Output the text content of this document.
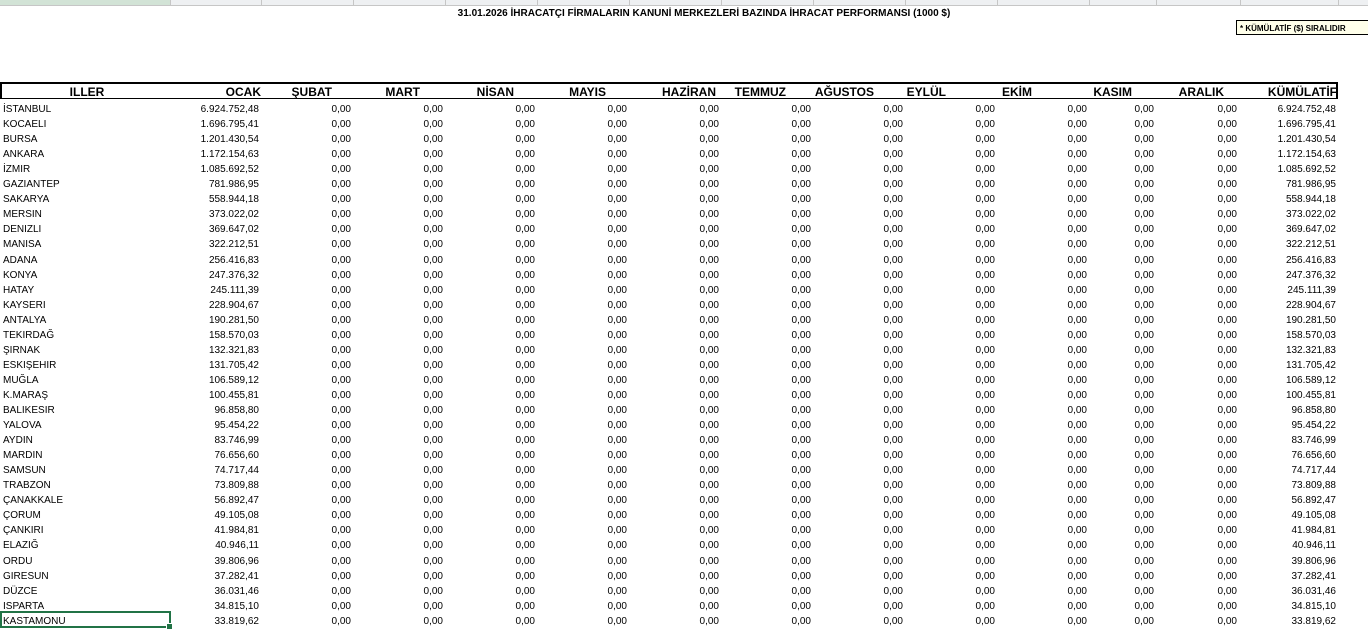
31.01.2026 İHRACATÇI FİRMALARIN KANUNİ MERKEZLERİ BAZINDA İHRACAT PERFORMANSI (1000 $)
* KÜMÜLATİF ($) SIRALIDIR
ILLER	OCAK	ŞUBAT	MART	NİSAN	MAYIS	HAZİRAN	TEMMUZ	AĞUSTOS	EYLÜL	EKİM	KASIM	ARALIK	KÜMÜLATİF
İSTANBUL	6.924.752,48	0,00	0,00	0,00	0,00	0,00	0,00	0,00	0,00	0,00	0,00	0,00	6.924.752,48
KOCAELI	1.696.795,41	0,00	0,00	0,00	0,00	0,00	0,00	0,00	0,00	0,00	0,00	0,00	1.696.795,41
BURSA	1.201.430,54	0,00	0,00	0,00	0,00	0,00	0,00	0,00	0,00	0,00	0,00	0,00	1.201.430,54
ANKARA	1.172.154,63	0,00	0,00	0,00	0,00	0,00	0,00	0,00	0,00	0,00	0,00	0,00	1.172.154,63
İZMIR	1.085.692,52	0,00	0,00	0,00	0,00	0,00	0,00	0,00	0,00	0,00	0,00	0,00	1.085.692,52
GAZIANTEP	781.986,95	0,00	0,00	0,00	0,00	0,00	0,00	0,00	0,00	0,00	0,00	0,00	781.986,95
SAKARYA	558.944,18	0,00	0,00	0,00	0,00	0,00	0,00	0,00	0,00	0,00	0,00	0,00	558.944,18
MERSIN	373.022,02	0,00	0,00	0,00	0,00	0,00	0,00	0,00	0,00	0,00	0,00	0,00	373.022,02
DENIZLI	369.647,02	0,00	0,00	0,00	0,00	0,00	0,00	0,00	0,00	0,00	0,00	0,00	369.647,02
MANISA	322.212,51	0,00	0,00	0,00	0,00	0,00	0,00	0,00	0,00	0,00	0,00	0,00	322.212,51
ADANA	256.416,83	0,00	0,00	0,00	0,00	0,00	0,00	0,00	0,00	0,00	0,00	0,00	256.416,83
KONYA	247.376,32	0,00	0,00	0,00	0,00	0,00	0,00	0,00	0,00	0,00	0,00	0,00	247.376,32
HATAY	245.111,39	0,00	0,00	0,00	0,00	0,00	0,00	0,00	0,00	0,00	0,00	0,00	245.111,39
KAYSERI	228.904,67	0,00	0,00	0,00	0,00	0,00	0,00	0,00	0,00	0,00	0,00	0,00	228.904,67
ANTALYA	190.281,50	0,00	0,00	0,00	0,00	0,00	0,00	0,00	0,00	0,00	0,00	0,00	190.281,50
TEKIRDAĞ	158.570,03	0,00	0,00	0,00	0,00	0,00	0,00	0,00	0,00	0,00	0,00	0,00	158.570,03
ŞIRNAK	132.321,83	0,00	0,00	0,00	0,00	0,00	0,00	0,00	0,00	0,00	0,00	0,00	132.321,83
ESKIŞEHIR	131.705,42	0,00	0,00	0,00	0,00	0,00	0,00	0,00	0,00	0,00	0,00	0,00	131.705,42
MUĞLA	106.589,12	0,00	0,00	0,00	0,00	0,00	0,00	0,00	0,00	0,00	0,00	0,00	106.589,12
K.MARAŞ	100.455,81	0,00	0,00	0,00	0,00	0,00	0,00	0,00	0,00	0,00	0,00	0,00	100.455,81
BALIKESIR	96.858,80	0,00	0,00	0,00	0,00	0,00	0,00	0,00	0,00	0,00	0,00	0,00	96.858,80
YALOVA	95.454,22	0,00	0,00	0,00	0,00	0,00	0,00	0,00	0,00	0,00	0,00	0,00	95.454,22
AYDIN	83.746,99	0,00	0,00	0,00	0,00	0,00	0,00	0,00	0,00	0,00	0,00	0,00	83.746,99
MARDIN	76.656,60	0,00	0,00	0,00	0,00	0,00	0,00	0,00	0,00	0,00	0,00	0,00	76.656,60
SAMSUN	74.717,44	0,00	0,00	0,00	0,00	0,00	0,00	0,00	0,00	0,00	0,00	0,00	74.717,44
TRABZON	73.809,88	0,00	0,00	0,00	0,00	0,00	0,00	0,00	0,00	0,00	0,00	0,00	73.809,88
ÇANAKKALE	56.892,47	0,00	0,00	0,00	0,00	0,00	0,00	0,00	0,00	0,00	0,00	0,00	56.892,47
ÇORUM	49.105,08	0,00	0,00	0,00	0,00	0,00	0,00	0,00	0,00	0,00	0,00	0,00	49.105,08
ÇANKIRI	41.984,81	0,00	0,00	0,00	0,00	0,00	0,00	0,00	0,00	0,00	0,00	0,00	41.984,81
ELAZIĞ	40.946,11	0,00	0,00	0,00	0,00	0,00	0,00	0,00	0,00	0,00	0,00	0,00	40.946,11
ORDU	39.806,96	0,00	0,00	0,00	0,00	0,00	0,00	0,00	0,00	0,00	0,00	0,00	39.806,96
GIRESUN	37.282,41	0,00	0,00	0,00	0,00	0,00	0,00	0,00	0,00	0,00	0,00	0,00	37.282,41
DÜZCE	36.031,46	0,00	0,00	0,00	0,00	0,00	0,00	0,00	0,00	0,00	0,00	0,00	36.031,46
ISPARTA	34.815,10	0,00	0,00	0,00	0,00	0,00	0,00	0,00	0,00	0,00	0,00	0,00	34.815,10
KASTAMONU	33.819,62	0,00	0,00	0,00	0,00	0,00	0,00	0,00	0,00	0,00	0,00	0,00	33.819,62
